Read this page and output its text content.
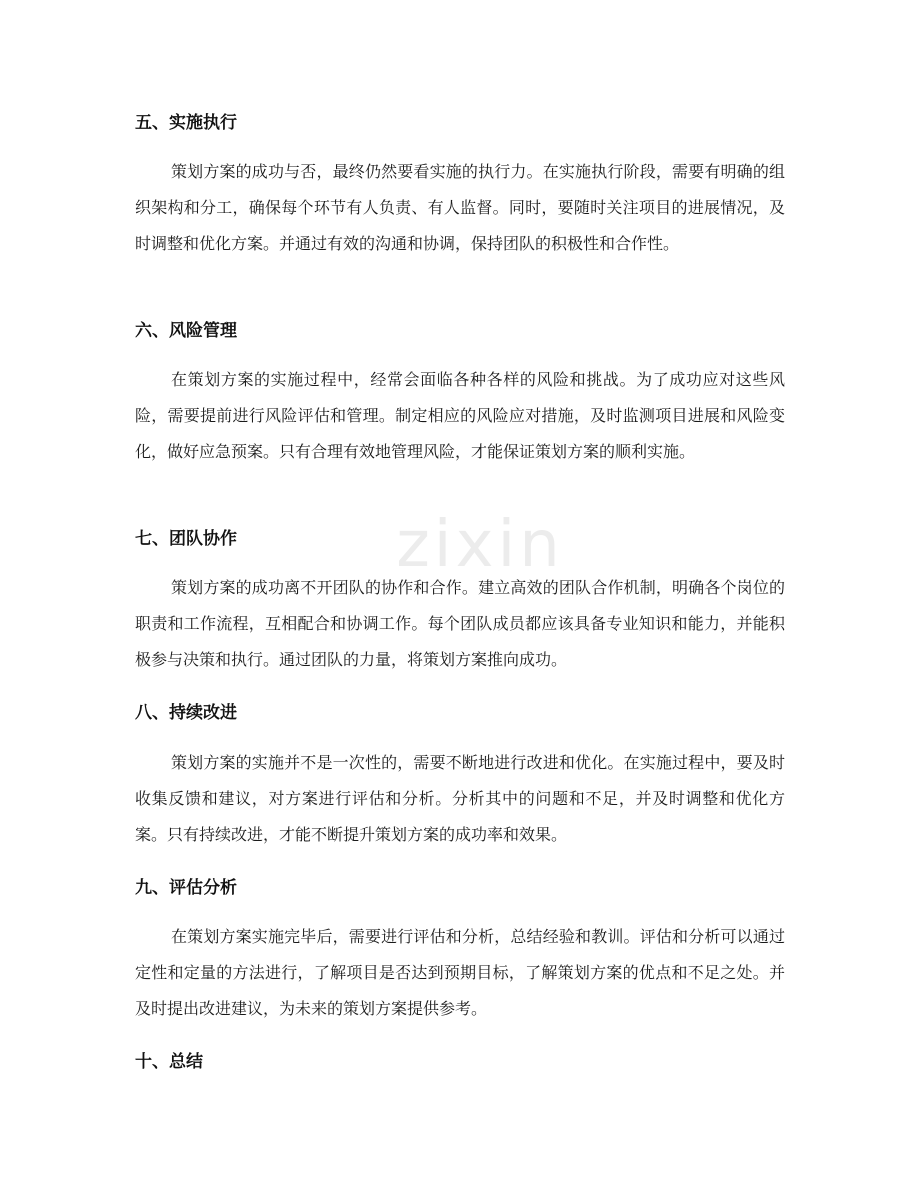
zixin
五、实施执行

策划方案的成功与否，最终仍然要看实施的执行力。在实施执行阶段，需要有明确的组织架构和分工，确保每个环节有人负责、有人监督。同时，要随时关注项目的进展情况，及时调整和优化方案。并通过有效的沟通和协调，保持团队的积极性和合作性。

六、风险管理

在策划方案的实施过程中，经常会面临各种各样的风险和挑战。为了成功应对这些风险，需要提前进行风险评估和管理。制定相应的风险应对措施，及时监测项目进展和风险变化，做好应急预案。只有合理有效地管理风险，才能保证策划方案的顺利实施。

七、团队协作

策划方案的成功离不开团队的协作和合作。建立高效的团队合作机制，明确各个岗位的职责和工作流程，互相配合和协调工作。每个团队成员都应该具备专业知识和能力，并能积极参与决策和执行。通过团队的力量，将策划方案推向成功。

八、持续改进

策划方案的实施并不是一次性的，需要不断地进行改进和优化。在实施过程中，要及时收集反馈和建议，对方案进行评估和分析。分析其中的问题和不足，并及时调整和优化方案。只有持续改进，才能不断提升策划方案的成功率和效果。

九、评估分析

在策划方案实施完毕后，需要进行评估和分析，总结经验和教训。评估和分析可以通过定性和定量的方法进行，了解项目是否达到预期目标，了解策划方案的优点和不足之处。并及时提出改进建议，为未来的策划方案提供参考。

十、总结
